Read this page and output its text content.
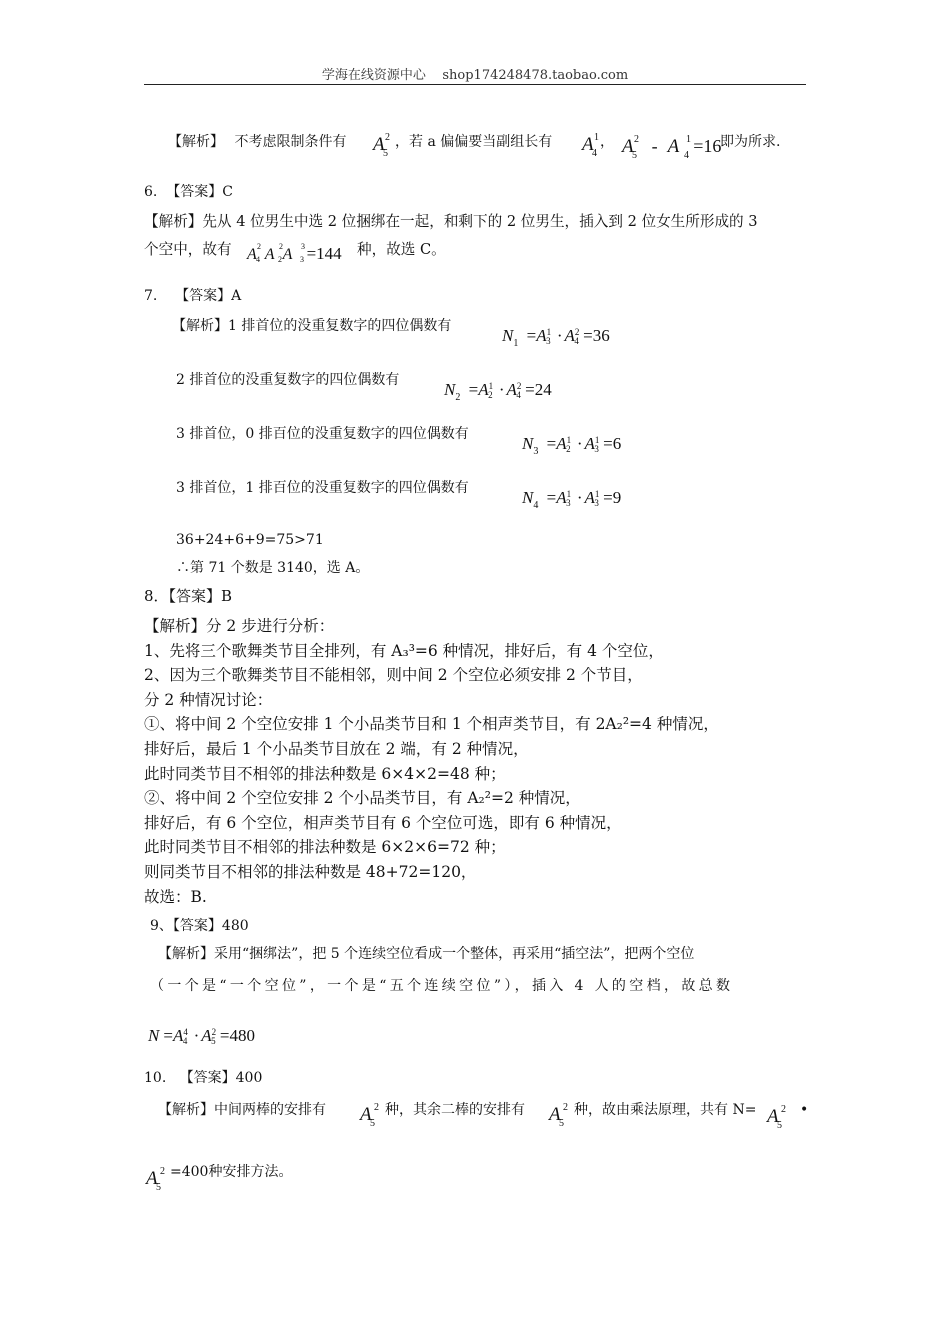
学海在线资源中心 shop174248478.taobao.com
【解析】 不考虑限制条件有 A 2
5
，若 a 偏偏要当副组长有 A 1
4
， A 2
5 - A 1
4 =16
即为所求.
6. 【答案】C
【解析】先从 4 位男生中选 2 位捆绑在一起，和剩下的 2 位男生，插入到 2 位女生所形成的 3
个空中，故有 A 2
4 A 2
2 A 3
3 =144 种，故选 C。
7. 【答案】A
【解析】1 排首位的没重复数字的四位偶数有	$N_1 =A^13 \cdot A^24 =36$
2 排首位的没重复数字的四位偶数有	$N_2 =A^12 \cdot A^24 =24$
3 排首位，0 排百位的没重复数字的四位偶数有	$N_3 =A^12 \cdot A^13 =6$
3 排首位，1 排百位的没重复数字的四位偶数有	$N_4 =A^13 \cdot A^13 =9$
36+24+6+9=75>71
∴第 71 个数是 3140，选 A。
8．【答案】B
【解析】分 2 步进行分析：
1、先将三个歌舞类节目全排列，有 A₃³=6 种情况，排好后，有 4 个空位，
2、因为三个歌舞类节目不能相邻，则中间 2 个空位必须安排 2 个节目，
分 2 种情况讨论：
①、将中间 2 个空位安排 1 个小品类节目和 1 个相声类节目，有 2A₂²=4 种情况，
排好后，最后 1 个小品类节目放在 2 端，有 2 种情况，
此时同类节目不相邻的排法种数是 6×4×2=48 种；
②、将中间 2 个空位安排 2 个小品类节目，有 A₂²=2 种情况，
排好后，有 6 个空位，相声类节目有 6 个空位可选，即有 6 种情况，
此时同类节目不相邻的排法种数是 6×2×6=72 种；
则同类节目不相邻的排法种数是 48+72=120，
故选：B.
9、【答案】480
【解析】采用“捆绑法”，把 5 个连续空位看成一个整体，再采用“插空法”，把两个空位
（一个是“一个空位”，一个是“五个连续空位”），插入 4 人的空档，故总数
$N =A^44 \cdot A^25 =480$
10. 【答案】400
【解析】中间两棒的安排有 A 2
5
种，其余二棒的安排有 A 2
5
种，故由乘法原理，共有 N= A 2
5
•
A 2
5
=400种安排方法。
